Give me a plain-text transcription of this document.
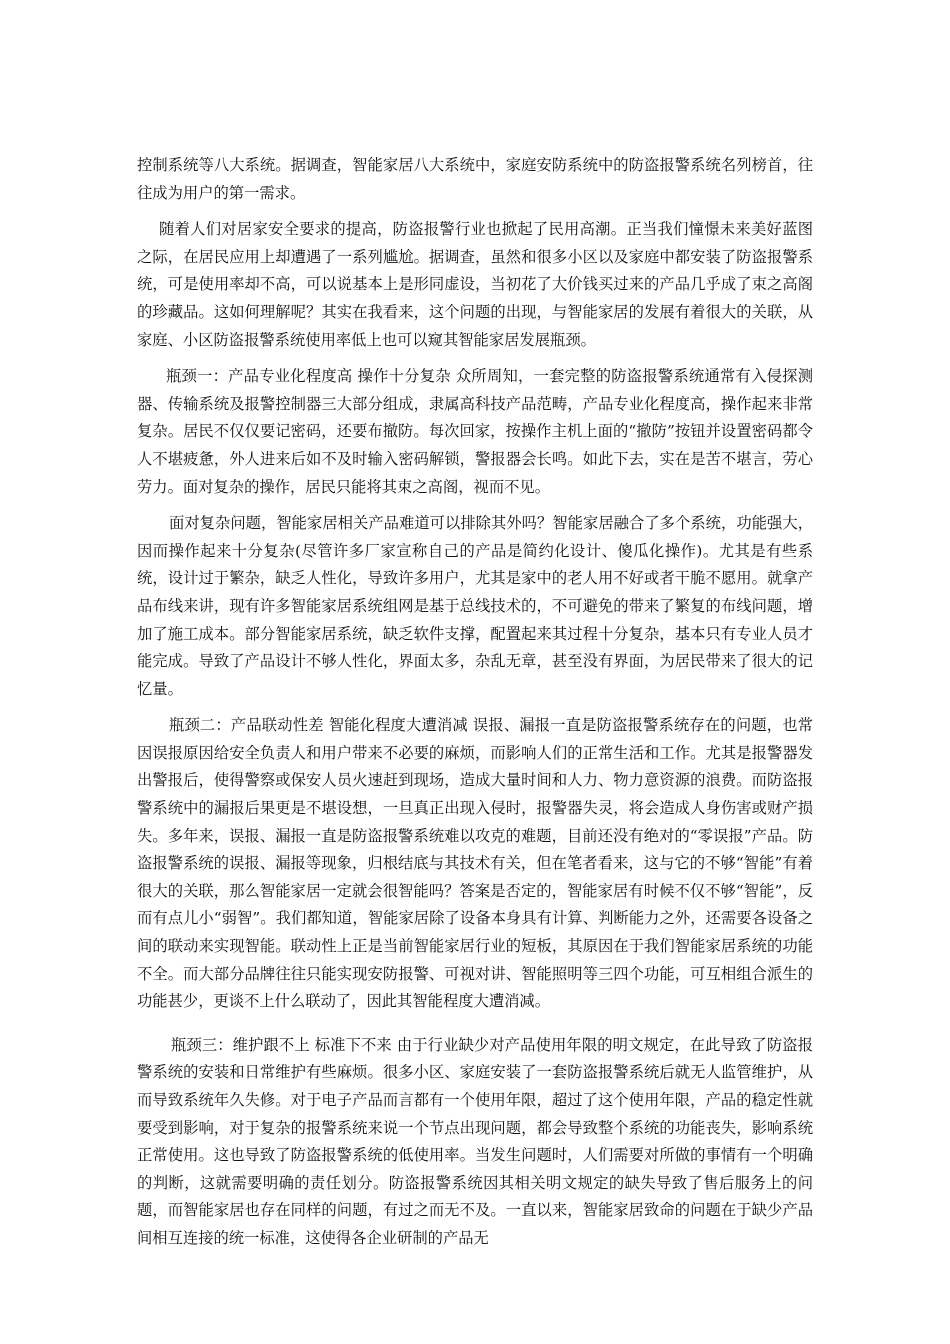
控制系统等八大系统。据调查，智能家居八大系统中，家庭安防系统中的防盗报警系统名列榜首，往往成为用户的第一需求。

随着人们对居家安全要求的提高，防盗报警行业也掀起了民用高潮。正当我们憧憬未来美好蓝图之际，在居民应用上却遭遇了一系列尴尬。据调查，虽然和很多小区以及家庭中都安装了防盗报警系统，可是使用率却不高，可以说基本上是形同虚设，当初花了大价钱买过来的产品几乎成了束之高阁的珍藏品。这如何理解呢？其实在我看来，这个问题的出现，与智能家居的发展有着很大的关联，从家庭、小区防盗报警系统使用率低上也可以窥其智能家居发展瓶颈。

瓶颈一：产品专业化程度高 操作十分复杂 众所周知，一套完整的防盗报警系统通常有入侵探测器、传输系统及报警控制器三大部分组成，隶属高科技产品范畴，产品专业化程度高，操作起来非常复杂。居民不仅仅要记密码，还要布撤防。每次回家，按操作主机上面的“撤防”按钮并设置密码都令人不堪疲惫，外人进来后如不及时输入密码解锁，警报器会长鸣。如此下去，实在是苦不堪言，劳心劳力。面对复杂的操作，居民只能将其束之高阁，视而不见。

面对复杂问题，智能家居相关产品难道可以排除其外吗？智能家居融合了多个系统，功能强大，因而操作起来十分复杂(尽管许多厂家宣称自己的产品是简约化设计、傻瓜化操作)。尤其是有些系统，设计过于繁杂，缺乏人性化，导致许多用户，尤其是家中的老人用不好或者干脆不愿用。就拿产品布线来讲，现有许多智能家居系统组网是基于总线技术的，不可避免的带来了繁复的布线问题，增加了施工成本。部分智能家居系统，缺乏软件支撑，配置起来其过程十分复杂，基本只有专业人员才能完成。导致了产品设计不够人性化，界面太多，杂乱无章，甚至没有界面，为居民带来了很大的记忆量。

瓶颈二：产品联动性差 智能化程度大遭消减 误报、漏报一直是防盗报警系统存在的问题，也常因误报原因给安全负责人和用户带来不必要的麻烦，而影响人们的正常生活和工作。尤其是报警器发出警报后，使得警察或保安人员火速赶到现场，造成大量时间和人力、物力意资源的浪费。而防盗报警系统中的漏报后果更是不堪设想，一旦真正出现入侵时，报警器失灵，将会造成人身伤害或财产损失。多年来，误报、漏报一直是防盗报警系统难以攻克的难题，目前还没有绝对的“零误报”产品。防盗报警系统的误报、漏报等现象，归根结底与其技术有关，但在笔者看来，这与它的不够“智能”有着很大的关联，那么智能家居一定就会很智能吗？答案是否定的，智能家居有时候不仅不够“智能”，反而有点儿小“弱智”。我们都知道，智能家居除了设备本身具有计算、判断能力之外，还需要各设备之间的联动来实现智能。联动性上正是当前智能家居行业的短板，其原因在于我们智能家居系统的功能不全。而大部分品牌往往只能实现安防报警、可视对讲、智能照明等三四个功能，可互相组合派生的功能甚少，更谈不上什么联动了，因此其智能程度大遭消减。

瓶颈三：维护跟不上 标准下不来 由于行业缺少对产品使用年限的明文规定，在此导致了防盗报警系统的安装和日常维护有些麻烦。很多小区、家庭安装了一套防盗报警系统后就无人监管维护，从而导致系统年久失修。对于电子产品而言都有一个使用年限，超过了这个使用年限，产品的稳定性就要受到影响，对于复杂的报警系统来说一个节点出现问题，都会导致整个系统的功能丧失，影响系统正常使用。这也导致了防盗报警系统的低使用率。当发生问题时，人们需要对所做的事情有一个明确的判断，这就需要明确的责任划分。防盗报警系统因其相关明文规定的缺失导致了售后服务上的问题，而智能家居也存在同样的问题，有过之而无不及。一直以来，智能家居致命的问题在于缺少产品间相互连接的统一标准，这使得各企业研制的产品无
